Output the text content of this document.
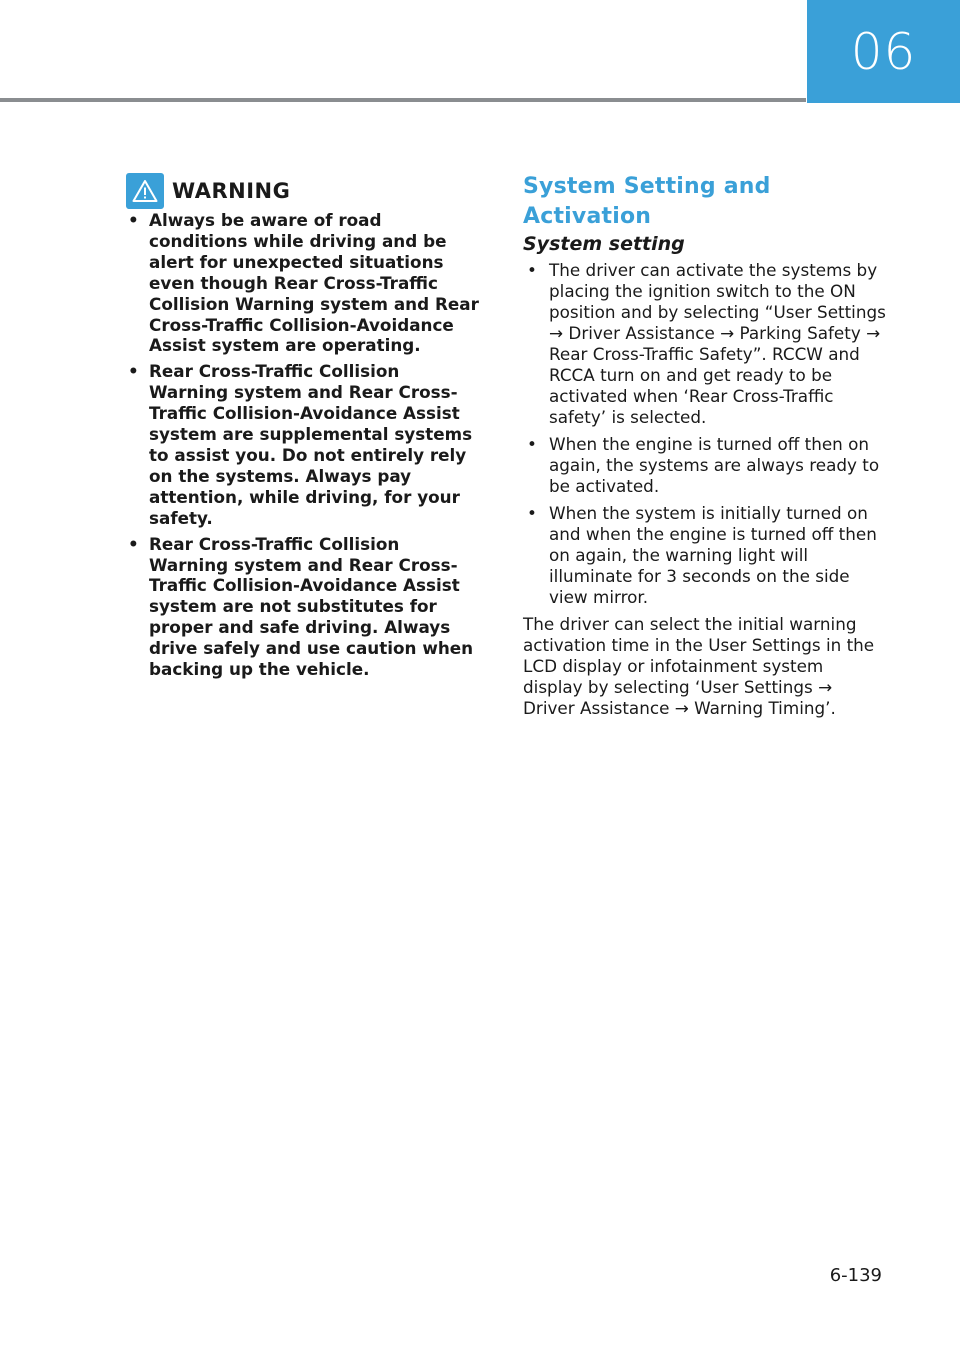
06
WARNING
• Always be aware of road conditions while driving and be alert for unexpected situations even though Rear Cross-Traffic Collision Warning system and Rear Cross-Traffic Collision-Avoidance Assist system are operating.
• Rear Cross-Traffic Collision Warning system and Rear Cross-Traffic Collision-Avoidance Assist system are supplemental systems to assist you. Do not entirely rely on the systems. Always pay attention, while driving, for your safety.
• Rear Cross-Traffic Collision Warning system and Rear Cross-Traffic Collision-Avoidance Assist system are not substitutes for proper and safe driving. Always drive safely and use caution when backing up the vehicle.
System Setting and Activation
System setting
• The driver can activate the systems by placing the ignition switch to the ON position and by selecting “User Settings → Driver Assistance → Parking Safety → Rear Cross-Traffic Safety”. RCCW and RCCA turn on and get ready to be activated when ‘Rear Cross-Traffic safety’ is selected.
• When the engine is turned off then on again, the systems are always ready to be activated.
• When the system is initially turned on and when the engine is turned off then on again, the warning light will illuminate for 3 seconds on the side view mirror.

The driver can select the initial warning activation time in the User Settings in the LCD display or infotainment system display by selecting ‘User Settings → Driver Assistance → Warning Timing’.

6-139
